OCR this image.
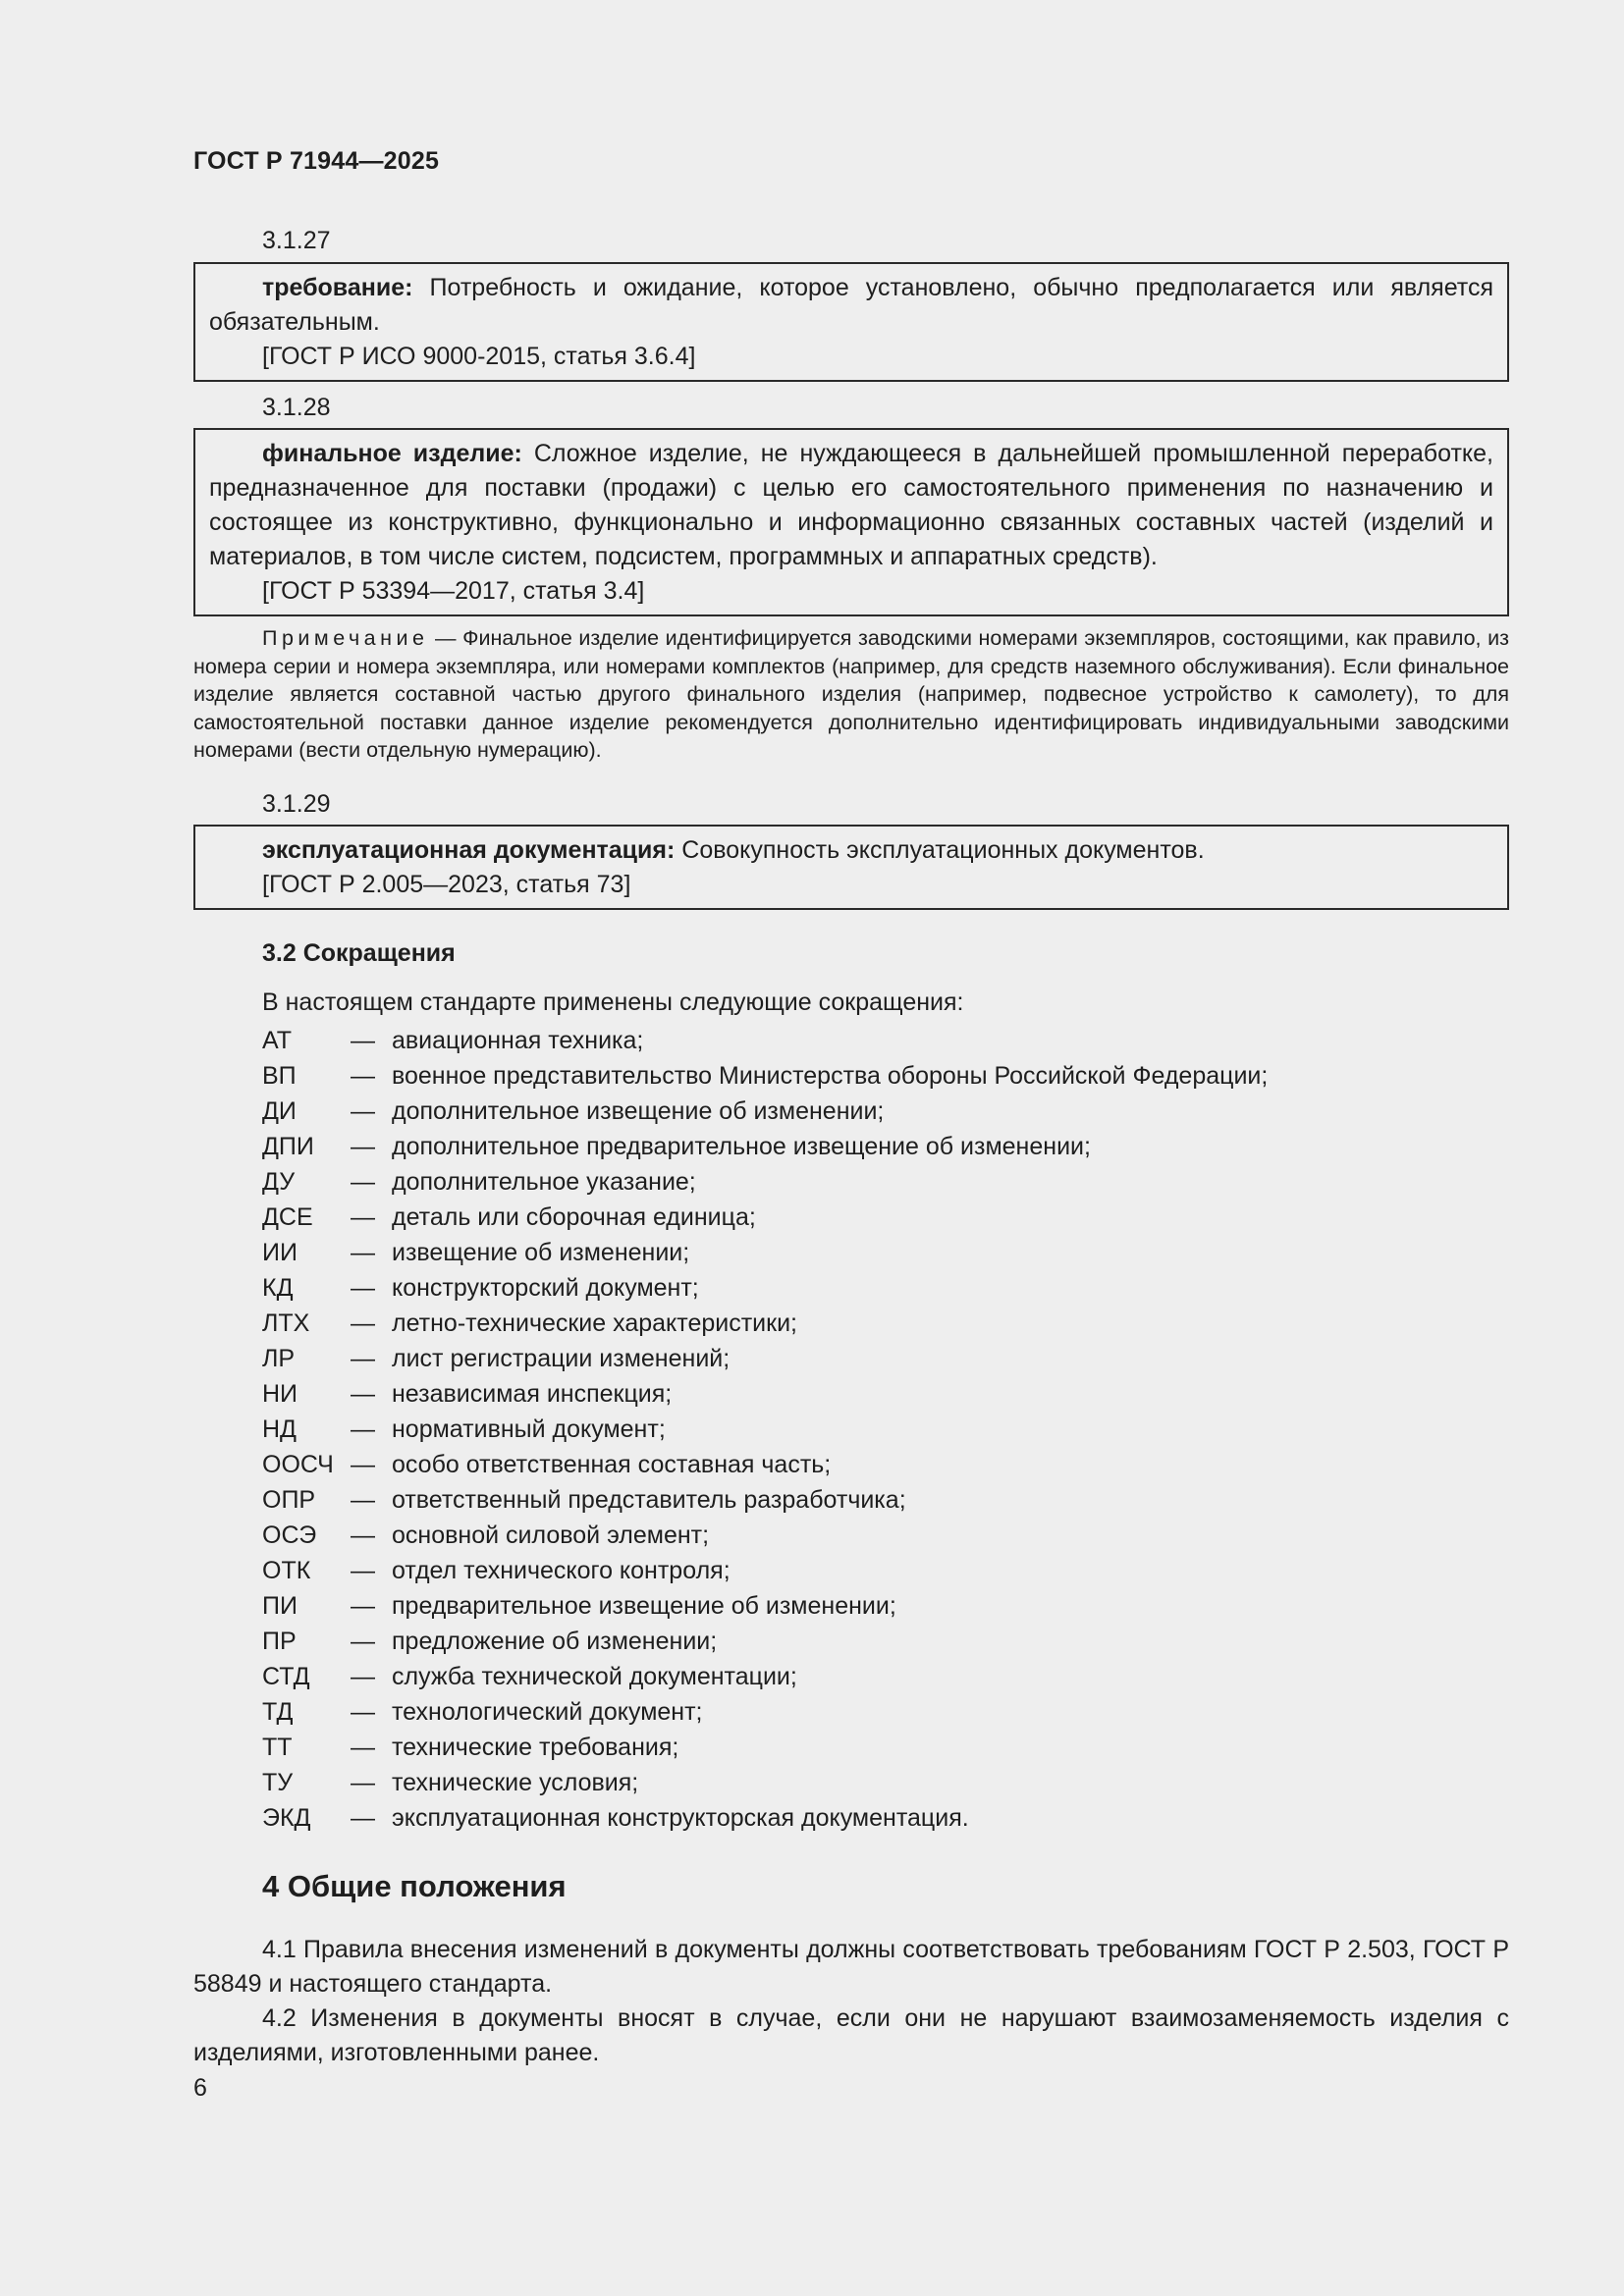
ГОСТ Р 71944—2025
3.1.27

требование: Потребность и ожидание, которое установлено, обычно предполагается или является обязательным.

[ГОСТ Р ИСО 9000-2015, статья 3.6.4]

3.1.28

финальное изделие: Сложное изделие, не нуждающееся в дальнейшей промышленной переработке, предназначенное для поставки (продажи) с целью его самостоятельного применения по назначению и состоящее из конструктивно, функционально и информационно связанных составных частей (изделий и материалов, в том числе систем, подсистем, программных и аппаратных средств).

[ГОСТ Р 53394—2017, статья 3.4]

Примечание — Финальное изделие идентифицируется заводскими номерами экземпляров, состоящими, как правило, из номера серии и номера экземпляра, или номерами комплектов (например, для средств наземного обслуживания). Если финальное изделие является составной частью другого финального изделия (например, подвесное устройство к самолету), то для самостоятельной поставки данное изделие рекомендуется дополнительно идентифицировать индивидуальными заводскими номерами (вести отдельную нумерацию).

3.1.29

эксплуатационная документация: Совокупность эксплуатационных документов.

[ГОСТ Р 2.005—2023, статья 73]

3.2 Сокращения
В настоящем стандарте применены следующие сокращения:
АТ — авиационная техника;
ВП — военное представительство Министерства обороны Российской Федерации;
ДИ — дополнительное извещение об изменении;
ДПИ — дополнительное предварительное извещение об изменении;
ДУ — дополнительное указание;
ДСЕ — деталь или сборочная единица;
ИИ — извещение об изменении;
КД — конструкторский документ;
ЛТХ — летно-технические характеристики;
ЛР — лист регистрации изменений;
НИ — независимая инспекция;
НД — нормативный документ;
ООСЧ — особо ответственная составная часть;
ОПР — ответственный представитель разработчика;
ОСЭ — основной силовой элемент;
ОТК — отдел технического контроля;
ПИ — предварительное извещение об изменении;
ПР — предложение об изменении;
СТД — служба технической документации;
ТД — технологический документ;
ТТ — технические требования;
ТУ — технические условия;
ЭКД — эксплуатационная конструкторская документация.
4 Общие положения

4.1 Правила внесения изменений в документы должны соответствовать требованиям ГОСТ Р 2.503, ГОСТ Р 58849 и настоящего стандарта.

4.2 Изменения в документы вносят в случае, если они не нарушают взаимозаменяемость изделия с изделиями, изготовленными ранее.

6
